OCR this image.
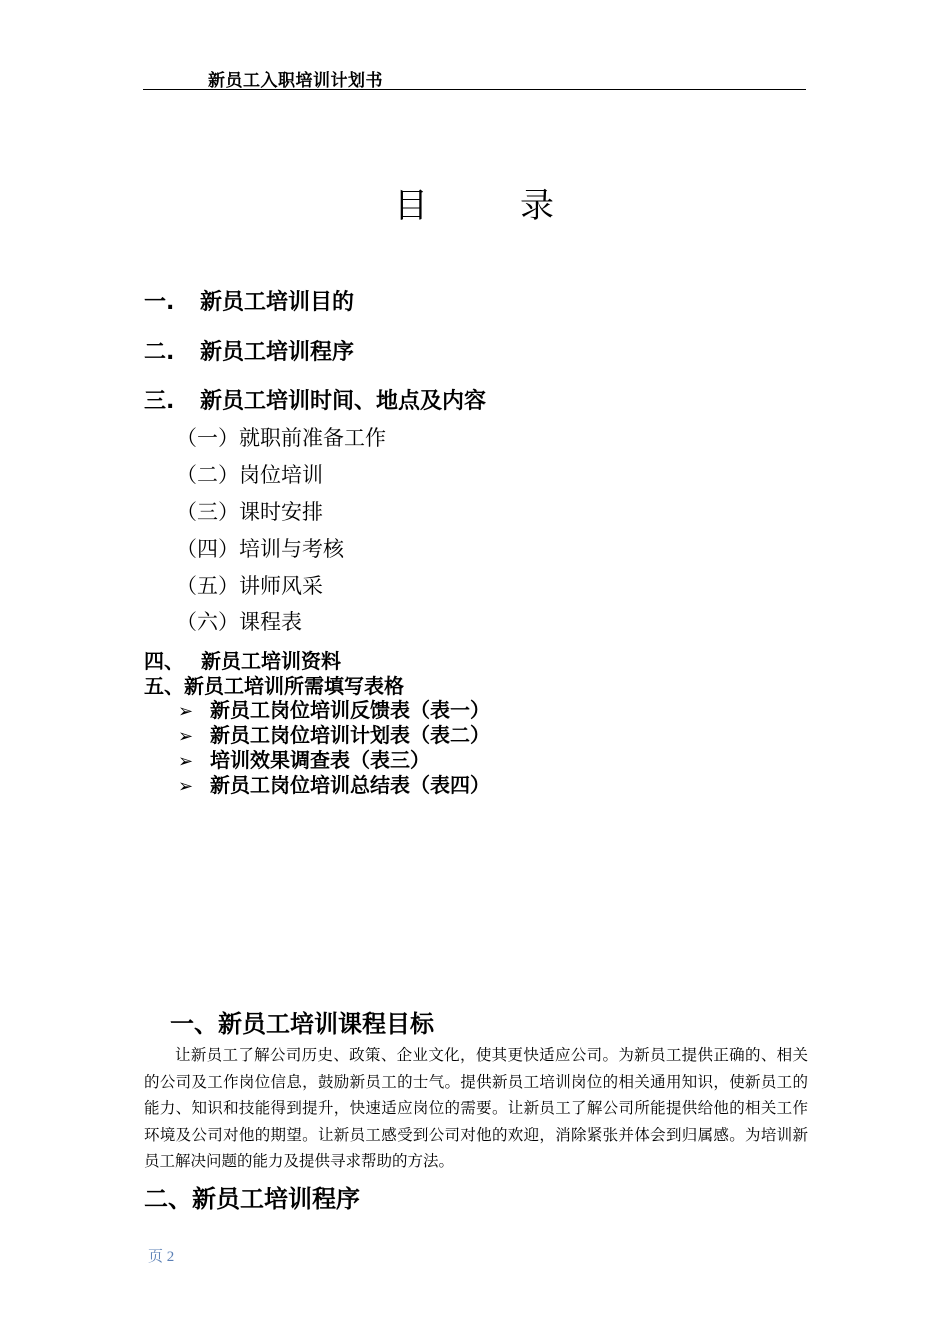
新员工入职培训计划书
目	录
一. 新员工培训目的
二. 新员工培训程序
三. 新员工培训时间、地点及内容
（一）就职前准备工作
（二）岗位培训
（三）课时安排
（四）培训与考核
（五）讲师风采
（六）课程表
四、 新员工培训资料
五、新员工培训所需填写表格
➢ 新员工岗位培训反馈表（表一）
➢ 新员工岗位培训计划表（表二）
➢ 培训效果调查表（表三）
➢ 新员工岗位培训总结表（表四）
一、新员工培训课程目标
让新员工了解公司历史、政策、企业文化，使其更快适应公司。为新员工提供正确的、相关的公司及工作岗位信息，鼓励新员工的士气。提供新员工培训岗位的相关通用知识，使新员工的能力、知识和技能得到提升，快速适应岗位的需要。让新员工了解公司所能提供给他的相关工作环境及公司对他的期望。让新员工感受到公司对他的欢迎，消除紧张并体会到归属感。为培训新员工解决问题的能力及提供寻求帮助的方法。
二、新员工培训程序
页 2
